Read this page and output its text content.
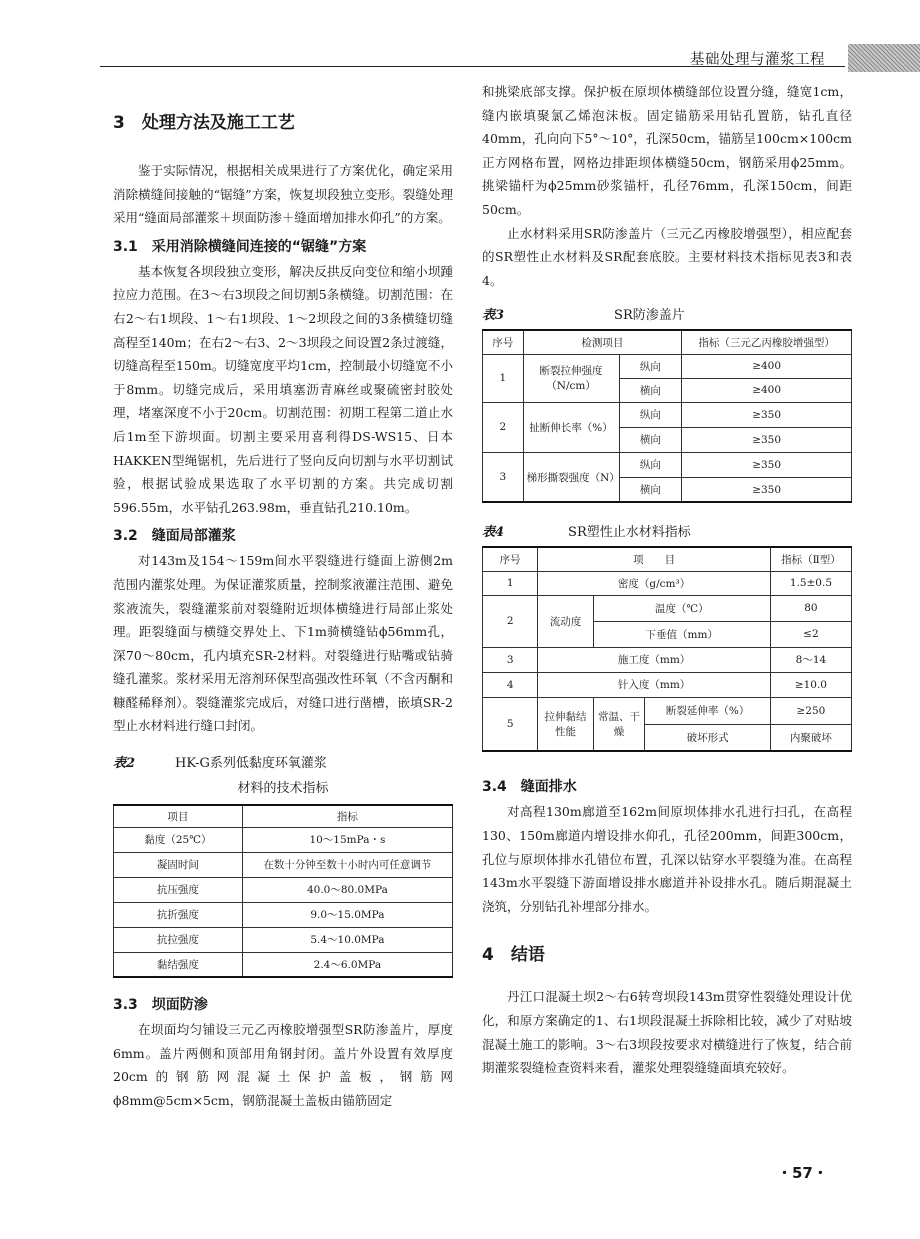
基础处理与灌浆工程
3　处理方法及施工工艺

鉴于实际情况，根据相关成果进行了方案优化，确定采用消除横缝间接触的“锯缝”方案，恢复坝段独立变形。裂缝处理采用“缝面局部灌浆＋坝面防渗＋缝面增加排水仰孔”的方案。

3.1　采用消除横缝间连接的“锯缝”方案

基本恢复各坝段独立变形，解决反拱反向变位和缩小坝踵拉应力范围。在3～右3坝段之间切割5条横缝。切割范围：在右2～右1坝段、1～右1坝段、1～2坝段之间的3条横缝切缝高程至140m；在右2～右3、2～3坝段之间设置2条过渡缝，切缝高程至150m。切缝宽度平均1cm，控制最小切缝宽不小于8mm。切缝完成后，采用填塞沥青麻丝或聚硫密封胶处理，堵塞深度不小于20cm。切割范围：初期工程第二道止水后1m至下游坝面。切割主要采用喜利得DS-WS15、日本HAKKEN型绳锯机，先后进行了竖向反向切割与水平切割试验，根据试验成果选取了水平切割的方案。共完成切割596.55m，水平钻孔263.98m，垂直钻孔210.10m。

3.2　缝面局部灌浆

对143m及154～159m间水平裂缝进行缝面上游侧2m范围内灌浆处理。为保证灌浆质量，控制浆液灌注范围、避免浆液流失，裂缝灌浆前对裂缝附近坝体横缝进行局部止浆处理。距裂缝面与横缝交界处上、下1m骑横缝钻ϕ56mm孔，深70～80cm，孔内填充SR-2材料。对裂缝进行贴嘴或钻骑缝孔灌浆。浆材采用无溶剂环保型高强改性环氧（不含丙酮和糠醛稀释剂）。裂缝灌浆完成后，对缝口进行凿槽，嵌填SR-2型止水材料进行缝口封闭。

表2	HK-G系列低黏度环氧灌浆

材料的技术指标

项目	指标
黏度（25℃）	10～15mPa・s
凝固时间	在数十分钟至数十小时内可任意调节
抗压强度	40.0～80.0MPa
抗折强度	9.0～15.0MPa
抗拉强度	5.4～10.0MPa
黏结强度	2.4～6.0MPa
3.3　坝面防渗

在坝面均匀铺设三元乙丙橡胶增强型SR防渗盖片，厚度6mm。盖片两侧和顶部用角钢封闭。盖片外设置有效厚度20cm的钢筋网混凝土保护盖板，钢筋网ϕ8mm@5cm×5cm，钢筋混凝土盖板由锚筋固定

和挑梁底部支撑。保护板在原坝体横缝部位设置分缝，缝宽1cm，缝内嵌填聚氯乙烯泡沫板。固定锚筋采用钻孔置筋，钻孔直径40mm，孔向向下5°～10°，孔深50cm，锚筋呈100cm×100cm正方网格布置，网格边排距坝体横缝50cm，钢筋采用ϕ25mm。挑梁锚杆为ϕ25mm砂浆锚杆，孔径76mm，孔深150cm，间距50cm。

止水材料采用SR防渗盖片（三元乙丙橡胶增强型），相应配套的SR塑性止水材料及SR配套底胶。主要材料技术指标见表3和表4。

表3	SR防渗盖片

序号	检测项目		指标（三元乙丙橡胶增强型）
1	断裂拉伸强度（N/cm）	纵向	≥400
		横向	≥400
2	扯断伸长率（%）	纵向	≥350
		横向	≥350
3	梯形撕裂强度（N）	纵向	≥350
		横向	≥350

表4	SR塑性止水材料指标

序号	项　　目			指标（Ⅱ型）
1	密度（g/cm³）			1.5±0.5
2	流动度	温度（℃）		80
		下垂值（mm）		≤2
3	施工度（mm）			8～14
4	针入度（mm）			≥10.0
5	拉伸黏结性能	常温、干燥	断裂延伸率（%）	≥250
			破坏形式	内聚破坏
3.4　缝面排水

对高程130m廊道至162m间原坝体排水孔进行扫孔，在高程130、150m廊道内增设排水仰孔，孔径200mm，间距300cm，孔位与原坝体排水孔错位布置，孔深以钻穿水平裂缝为准。在高程143m水平裂缝下游面增设排水廊道并补设排水孔。随后期混凝土浇筑，分别钻孔补埋部分排水。

4　结语

丹江口混凝土坝2～右6转弯坝段143m贯穿性裂缝处理设计优化，和原方案确定的1、右1坝段混凝土拆除相比较，减少了对贴坡混凝土施工的影响。3～右3坝段按要求对横缝进行了恢复，结合前期灌浆裂缝检查资料来看，灌浆处理裂缝缝面填充较好。

・57・
